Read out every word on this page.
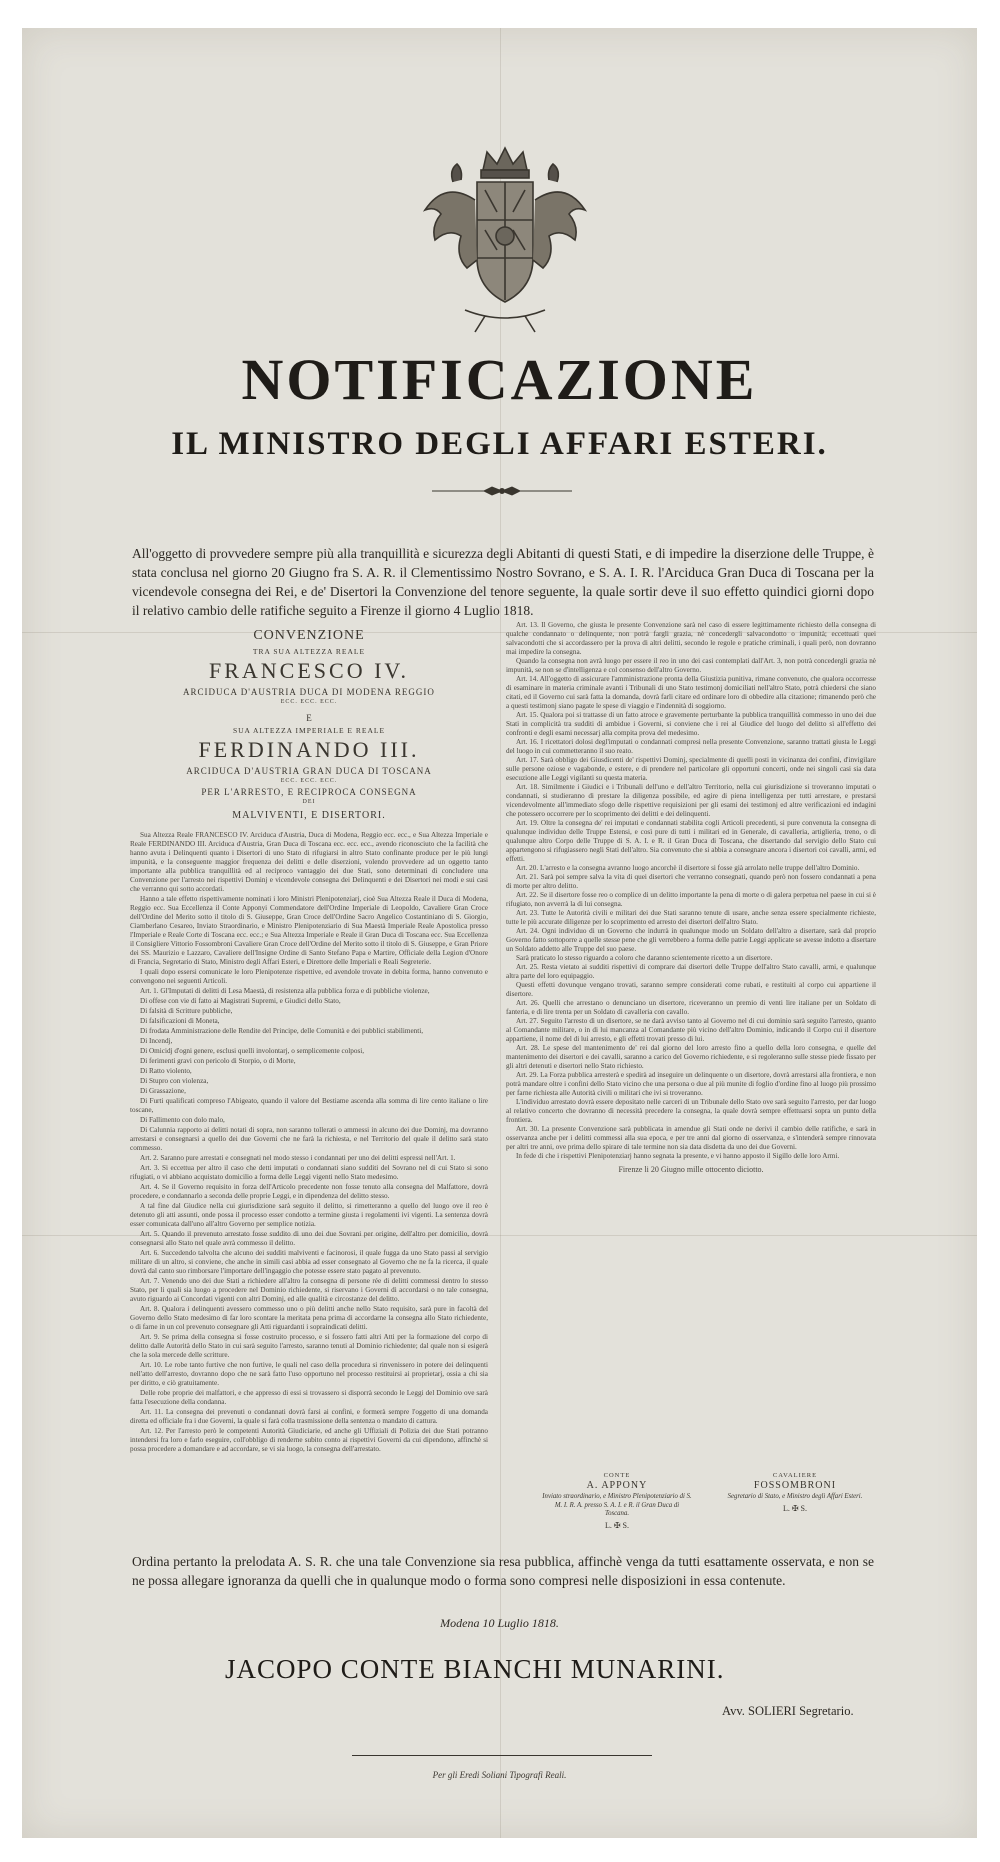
NOTIFICAZIONE
IL MINISTRO DEGLI AFFARI ESTERI.
All'oggetto di provvedere sempre più alla tranquillità e sicurezza degli Abitanti di questi Stati, e di impedire la diserzione delle Truppe, è stata conclusa nel giorno 20 Giugno fra S. A. R. il Clementissimo Nostro Sovrano, e S. A. I. R. l'Arciduca Gran Duca di Toscana per la vicendevole consegna dei Rei, e de' Disertori la Convenzione del tenore seguente, la quale sortir deve il suo effetto quindici giorni dopo il relativo cambio delle ratifiche seguito a Firenze il giorno 4 Luglio 1818.
CONVENZIONE
TRA SUA ALTEZZA REALE
FRANCESCO IV.
ARCIDUCA D'AUSTRIA DUCA DI MODENA REGGIO
ECC. ECC. ECC.
E
SUA ALTEZZA IMPERIALE E REALE
FERDINANDO III.
ARCIDUCA D'AUSTRIA GRAN DUCA DI TOSCANA
ECC. ECC. ECC.
PER L'ARRESTO, E RECIPROCA CONSEGNA
DEI
MALVIVENTI, E DISERTORI.

Sua Altezza Reale FRANCESCO IV. Arciduca d'Austria, Duca di Modena, Reggio ecc. ecc., e Sua Altezza Imperiale e Reale FERDINANDO III. Arciduca d'Austria, Gran Duca di Toscana ecc. ecc. ecc., avendo riconosciuto che la facilità che hanno avuta i Delinquenti quanto i Disertori di uno Stato di rifugiarsi in altro Stato confinante produce per le più lungi impunità, e la conseguente maggior frequenza dei delitti e delle diserzioni, volendo provvedere ad un oggetto tanto importante alla pubblica tranquillità ed al reciproco vantaggio dei due Stati, sono determinati di concludere una Convenzione per l'arresto nei rispettivi Dominj e vicendevole consegna dei Delinquenti e dei Disertori nei modi e sui casi che verranno qui sotto accordati.

Hanno a tale effetto rispettivamente nominati i loro Ministri Plenipotenziarj, cioè Sua Altezza Reale il Duca di Modena, Reggio ecc. Sua Eccellenza il Conte Apponyi Commendatore dell'Ordine Imperiale di Leopoldo, Cavaliere Gran Croce dell'Ordine del Merito sotto il titolo di S. Giuseppe, Gran Croce dell'Ordine Sacro Angelico Costantiniano di S. Giorgio, Ciamberlano Cesareo, Inviato Straordinario, e Ministro Plenipotenziario di Sua Maestà Imperiale Reale Apostolica presso l'Imperiale e Reale Corte di Toscana ecc. ecc.; e Sua Altezza Imperiale e Reale il Gran Duca di Toscana ecc. Sua Eccellenza il Consigliere Vittorio Fossombroni Cavaliere Gran Croce dell'Ordine del Merito sotto il titolo di S. Giuseppe, e Gran Priore dei SS. Maurizio e Lazzaro, Cavaliere dell'Insigne Ordine di Santo Stefano Papa e Martire, Officiale della Legion d'Onore di Francia, Segretario di Stato, Ministro degli Affari Esteri, e Direttore delle Imperiali e Reali Segreterie.

I quali dopo essersi comunicate le loro Plenipotenze rispettive, ed avendole trovate in debita forma, hanno convenuto e convengono nei seguenti Articoli.

Art. 1. Gl'Imputati di delitti di Lesa Maestà, di resistenza alla pubblica forza e di pubbliche violenze,

Di offese con vie di fatto ai Magistrati Supremi, e Giudici dello Stato,

Di falsità di Scritture pubbliche,

Di falsificazioni di Moneta,

Di frodata Amministrazione delle Rendite del Principe, delle Comunità e dei pubblici stabilimenti,

Di Incendj,

Di Omicidj d'ogni genere, esclusi quelli involontarj, o semplicemente colposi,

Di ferimenti gravi con pericolo di Storpio, o di Morte,

Di Ratto violento,

Di Stupro con violenza,

Di Grassazione,

Di Furti qualificati compreso l'Abigeato, quando il valore del Bestiame ascenda alla somma di lire cento italiane o lire toscane,

Di Fallimento con dolo malo,

Di Calunnia rapporto ai delitti notati di sopra, non saranno tollerati o ammessi in alcuno dei due Dominj, ma dovranno arrestarsi e consegnarsi a quello dei due Governi che ne farà la richiesta, e nel Territorio del quale il delitto sarà stato commesso.

Art. 2. Saranno pure arrestati e consegnati nel modo stesso i condannati per uno dei delitti espressi nell'Art. 1.

Art. 3. Si eccettua per altro il caso che detti imputati o condannati siano sudditi del Sovrano nel di cui Stato si sono rifugiati, o vi abbiano acquistato domicilio a forma delle Leggi vigenti nello Stato medesimo.

Art. 4. Se il Governo requisito in forza dell'Articolo precedente non fosse tenuto alla consegna del Malfattore, dovrà procedere, e condannarlo a seconda delle proprie Leggi, e in dipendenza del delitto stesso.

A tal fine dal Giudice nella cui giurisdizione sarà seguito il delitto, si rimetteranno a quello del luogo ove il reo è detenuto gli atti assunti, onde possa il processo esser condotto a termine giusta i regolamenti ivi vigenti. La sentenza dovrà esser comunicata dall'uno all'altro Governo per semplice notizia.

Art. 5. Quando il prevenuto arrestato fosse suddito di uno dei due Sovrani per origine, dell'altro per domicilio, dovrà consegnarsi allo Stato nel quale avrà commesso il delitto.

Art. 6. Succedendo talvolta che alcuno dei sudditi malviventi e facinorosi, il quale fugga da uno Stato passi al servigio militare di un altro, si conviene, che anche in simili casi abbia ad esser consegnato al Governo che ne fa la ricerca, il quale dovrà dal canto suo rimborsare l'importare dell'ingaggio che potesse essere stato pagato al prevenuto.

Art. 7. Venendo uno dei due Stati a richiedere all'altro la consegna di persone rée di delitti commessi dentro lo stesso Stato, per li quali sia luogo a procedere nel Dominio richiedente, si riservano i Governi di accordarsi o no tale consegna, avuto riguardo ai Concordati vigenti con altri Dominj, ed alle qualità e circostanze del delitto.

Art. 8. Qualora i delinquenti avessero commesso uno o più delitti anche nello Stato requisito, sarà pure in facoltà del Governo dello Stato medesimo di far loro scontare la meritata pena prima di accordarne la consegna allo Stato richiedente, o di farne in un col prevenuto consegnare gli Atti riguardanti i sopraindicati delitti.

Art. 9. Se prima della consegna si fosse costruito processo, e si fossero fatti altri Atti per la formazione del corpo di delitto dalle Autorità dello Stato in cui sarà seguito l'arresto, saranno tenuti al Dominio richiedente; dal quale non si esigerà che la sola mercede delle scritture.

Art. 10. Le robe tanto furtive che non furtive, le quali nel caso della procedura si rinvenissero in potere dei delinquenti nell'atto dell'arresto, dovranno dopo che ne sarà fatto l'uso opportuno nel processo restituirsi ai proprietarj, ossia a chi sia per diritto, e ciò gratuitamente.

Delle robe proprie dei malfattori, e che appresso di essi si trovassero si disporrà secondo le Leggi del Dominio ove sarà fatta l'esecuzione della condanna.

Art. 11. La consegna dei prevenuti o condannati dovrà farsi ai confini, e formerà sempre l'oggetto di una domanda diretta ed officiale fra i due Governi, la quale si farà colla trasmissione della sentenza o mandato di cattura.

Art. 12. Per l'arresto però le competenti Autorità Giudiciarie, ed anche gli Uffiziali di Polizia dei due Stati potranno intendersi fra loro e farlo eseguire, coll'obbligo di renderne subito conto ai rispettivi Governi da cui dipendono, affinchè si possa procedere a domandare e ad accordare, se vi sia luogo, la consegna dell'arrestato.

Art. 13. Il Governo, che giusta le presente Convenzione sarà nel caso di essere legittimamente richiesto della consegna di qualche condannato o delinquente, non potrà fargli grazia, nè concedergli salvacondotto o impunità; eccettuati quei salvacondotti che si accordassero per la prova di altri delitti, secondo le regole e pratiche criminali, i quali però, non dovranno mai impedire la consegna.

Quando la consegna non avrà luogo per essere il reo in uno dei casi contemplati dall'Art. 3, non potrà concedergli grazia nè impunità, se non se d'intelligenza e col consenso dell'altro Governo.

Art. 14. All'oggetto di assicurare l'amministrazione pronta della Giustizia punitiva, rimane convenuto, che qualora occorresse di esaminare in materia criminale avanti i Tribunali di uno Stato testimonj domiciliati nell'altro Stato, potrà chiedersi che siano citati, ed il Governo cui sarà fatta la domanda, dovrà farli citare ed ordinare loro di obbedire alla citazione; rimanendo però che a questi testimonj siano pagate le spese di viaggio e l'indennità di soggiorno.

Art. 15. Qualora poi si trattasse di un fatto atroce e gravemente perturbante la pubblica tranquillità commesso in uno dei due Stati in complicità tra sudditi di ambidue i Governi, si conviene che i rei al Giudice del luogo del delitto sì all'effetto dei confronti e degli esami necessarj alla compita prova del medesimo.

Art. 16. I ricettatori dolosi degl'imputati o condannati compresi nella presente Convenzione, saranno trattati giusta le Leggi del luogo in cui commetteranno il suo reato.

Art. 17. Sarà obbligo dei Giusdicenti de' rispettivi Dominj, specialmente di quelli posti in vicinanza dei confini, d'invigilare sulle persone oziose e vagabonde, e estere, e di prendere nel particolare gli opportuni concerti, onde nei singoli casi sia data esecuzione alle Leggi vigilanti su questa materia.

Art. 18. Similmente i Giudici e i Tribunali dell'uno e dell'altro Territorio, nella cui giurisdizione si troveranno imputati o condannati, si studieranno di prestare la diligenza possibile, ed agire di piena intelligenza per tutti arrestare, e prestarsi vicendevolmente all'immediato sfogo delle rispettive requisizioni per gli esami dei testimonj ed altre verificazioni ed indagini che potessero occorrere per lo scoprimento dei delitti e dei delinquenti.

Art. 19. Oltre la consegna de' rei imputati e condannati stabilita cogli Articoli precedenti, si pure convenuta la consegna di qualunque individuo delle Truppe Estensi, e così pure di tutti i militari ed in Generale, di cavalleria, artiglieria, treno, o di qualunque altro Corpo delle Truppe di S. A. I. e R. il Gran Duca di Toscana, che disertando dal servigio dello Stato cui appartengono si rifugiassero negli Stati dell'altro. Sia convenuto che si abbia a consegnare ancora i disertori coi cavalli, armi, ed effetti.

Art. 20. L'arresto e la consegna avranno luogo ancorchè il disertore si fosse già arrolato nelle truppe dell'altro Dominio.

Art. 21. Sarà poi sempre salva la vita di quei disertori che verranno consegnati, quando però non fossero condannati a pena di morte per altro delitto.

Art. 22. Se il disertore fosse reo o complice di un delitto importante la pena di morte o di galera perpetua nel paese in cui si è rifugiato, non avverrà la di lui consegna.

Art. 23. Tutte le Autorità civili e militari dei due Stati saranno tenute di usare, anche senza essere specialmente richieste, tutte le più accurate diligenze per lo scoprimento ed arresto dei disertori dell'altro Stato.

Art. 24. Ogni individuo di un Governo che indurrà in qualunque modo un Soldato dell'altro a disertare, sarà dal proprio Governo fatto sottoporre a quelle stesse pene che gli verrebbero a forma delle patrie Leggi applicate se avesse indotto a disertare un Soldato addetto alle Truppe del suo paese.

Sarà praticato lo stesso riguardo a coloro che daranno scientemente ricetto a un disertore.

Art. 25. Resta vietato ai sudditi rispettivi di comprare dai disertori delle Truppe dell'altro Stato cavalli, armi, e qualunque altra parte del loro equipaggio.

Questi effetti dovunque vengano trovati, saranno sempre considerati come rubati, e restituiti al corpo cui appartiene il disertore.

Art. 26. Quelli che arrestano o denunciano un disertore, riceveranno un premio di venti lire italiane per un Soldato di fanteria, e di lire trenta per un Soldato di cavalleria con cavallo.

Art. 27. Seguito l'arresto di un disertore, se ne darà avviso tanto al Governo nel di cui dominio sarà seguito l'arresto, quanto al Comandante militare, o in di lui mancanza al Comandante più vicino dell'altro Dominio, indicando il Corpo cui il disertore appartiene, il nome del di lui arresto, e gli effetti trovati presso di lui.

Art. 28. Le spese del mantenimento de' rei dal giorno del loro arresto fino a quello della loro consegna, e quelle del mantenimento dei disertori e dei cavalli, saranno a carico del Governo richiedente, e si regoleranno sulle stesse piede fissato per gli altri detenuti e disertori nello Stato richiesto.

Art. 29. La Forza pubblica arresterà e spedirà ad inseguire un delinquente o un disertore, dovrà arrestarsi alla frontiera, e non potrà mandare oltre i confini dello Stato vicino che una persona o due al più munite di foglio d'ordine fino al luogo più prossimo per farne richiesta alle Autorità civili o militari che ivi si troveranno.

L'individuo arrestato dovrà essere depositato nelle carceri di un Tribunale dello Stato ove sarà seguito l'arresto, per dar luogo al relativo concerto che dovranno di necessità precedere la consegna, la quale dovrà sempre effettuarsi sopra un punto della frontiera.

Art. 30. La presente Convenzione sarà pubblicata in amendue gli Stati onde ne derivi il cambio delle ratifiche, e sarà in osservanza anche per i delitti commessi alla sua epoca, e per tre anni dal giorno di osservanza, e s'intenderà sempre rinnovata per altri tre anni, ove prima dello spirare di tale termine non sia data disdetta da uno dei due Governi.

In fede di che i rispettivi Plenipotenziarj hanno segnata la presente, e vi hanno apposto il Sigillo delle loro Armi.

Firenze li 20 Giugno mille ottocento diciotto.

CONTE
A. APPONY
Inviato straordinario, e Ministro Plenipotenziario di S. M. I. R. A. presso S. A. I. e R. il Gran Duca di Toscana.
L. ✠ S.
CAVALIERE
FOSSOMBRONI
Segretario di Stato, e Ministro degli Affari Esteri.
L. ✠ S.
Ordina pertanto la prelodata A. S. R. che una tale Convenzione sia resa pubblica, affinchè venga da tutti esattamente osservata, e non se ne possa allegare ignoranza da quelli che in qualunque modo o forma sono compresi nelle disposizioni in essa contenute.
Modena 10 Luglio 1818.
JACOPO CONTE BIANCHI MUNARINI.
Avv. SOLIERI Segretario.
Per gli Eredi Soliani Tipografi Reali.
